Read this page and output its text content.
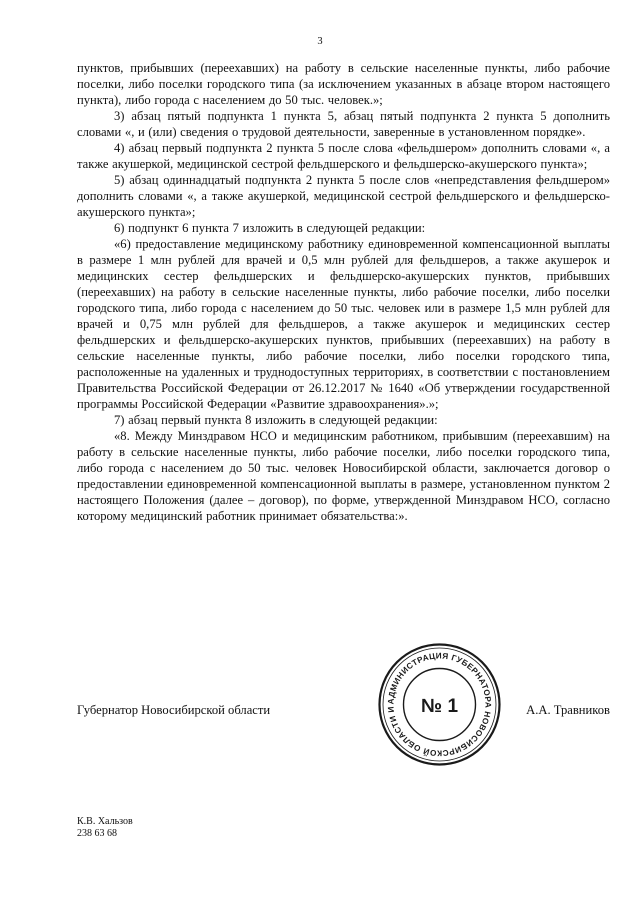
3

пунктов, прибывших (переехавших) на работу в сельские населенные пункты, либо рабочие поселки, либо поселки городского типа (за исключением указанных в абзаце втором настоящего пункта), либо города с населением до 50 тыс. человек.»;

3) абзац пятый подпункта 1 пункта 5, абзац пятый подпункта 2 пункта 5 дополнить словами «, и (или) сведения о трудовой деятельности, заверенные в установленном порядке».

4) абзац первый подпункта 2 пункта 5 после слова «фельдшером» дополнить словами «, а также акушеркой, медицинской сестрой фельдшерского и фельдшерско-акушерского пункта»;

5) абзац одиннадцатый подпункта 2 пункта 5 после слов «непредставления фельдшером» дополнить словами «, а также акушеркой, медицинской сестрой фельдшерского и фельдшерско-акушерского пункта»;

6) подпункт 6 пункта 7 изложить в следующей редакции:

«6) предоставление медицинскому работнику единовременной компенсационной выплаты в размере 1 млн рублей для врачей и 0,5 млн рублей для фельдшеров, а также акушерок и медицинских сестер фельдшерских и фельдшерско-акушерских пунктов, прибывших (переехавших) на работу в сельские населенные пункты, либо рабочие поселки, либо поселки городского типа, либо города с населением до 50 тыс. человек или в размере 1,5 млн рублей для врачей и 0,75 млн рублей для фельдшеров, а также акушерок и медицинских сестер фельдшерских и фельдшерско-акушерских пунктов, прибывших (переехавших) на работу в сельские населенные пункты, либо рабочие поселки, либо поселки городского типа, расположенные на удаленных и труднодоступных территориях, в соответствии с постановлением Правительства Российской Федерации от 26.12.2017 № 1640 «Об утверждении государственной программы Российской Федерации «Развитие здравоохранения».»;

7) абзац первый пункта 8 изложить в следующей редакции:

«8. Между Минздравом НСО и медицинским работником, прибывшим (переехавшим) на работу в сельские населенные пункты, либо рабочие поселки, либо поселки городского типа, либо города с населением до 50 тыс. человек Новосибирской области, заключается договор о предоставлении единовременной компенсационной выплаты в размере, установленном пунктом 2 настоящего Положения (далее – договор), по форме, утвержденной Минздравом НСО, согласно которому медицинский работник принимает обязательства:».

Губернатор Новосибирской области	А.А. Травников
АДМИНИСТРАЦИЯ ГУБЕРНАТОРА НОВОСИБИРСКОЙ ОБЛАСТИ И	№ 1
К.В. Хальзов
238 63 68
